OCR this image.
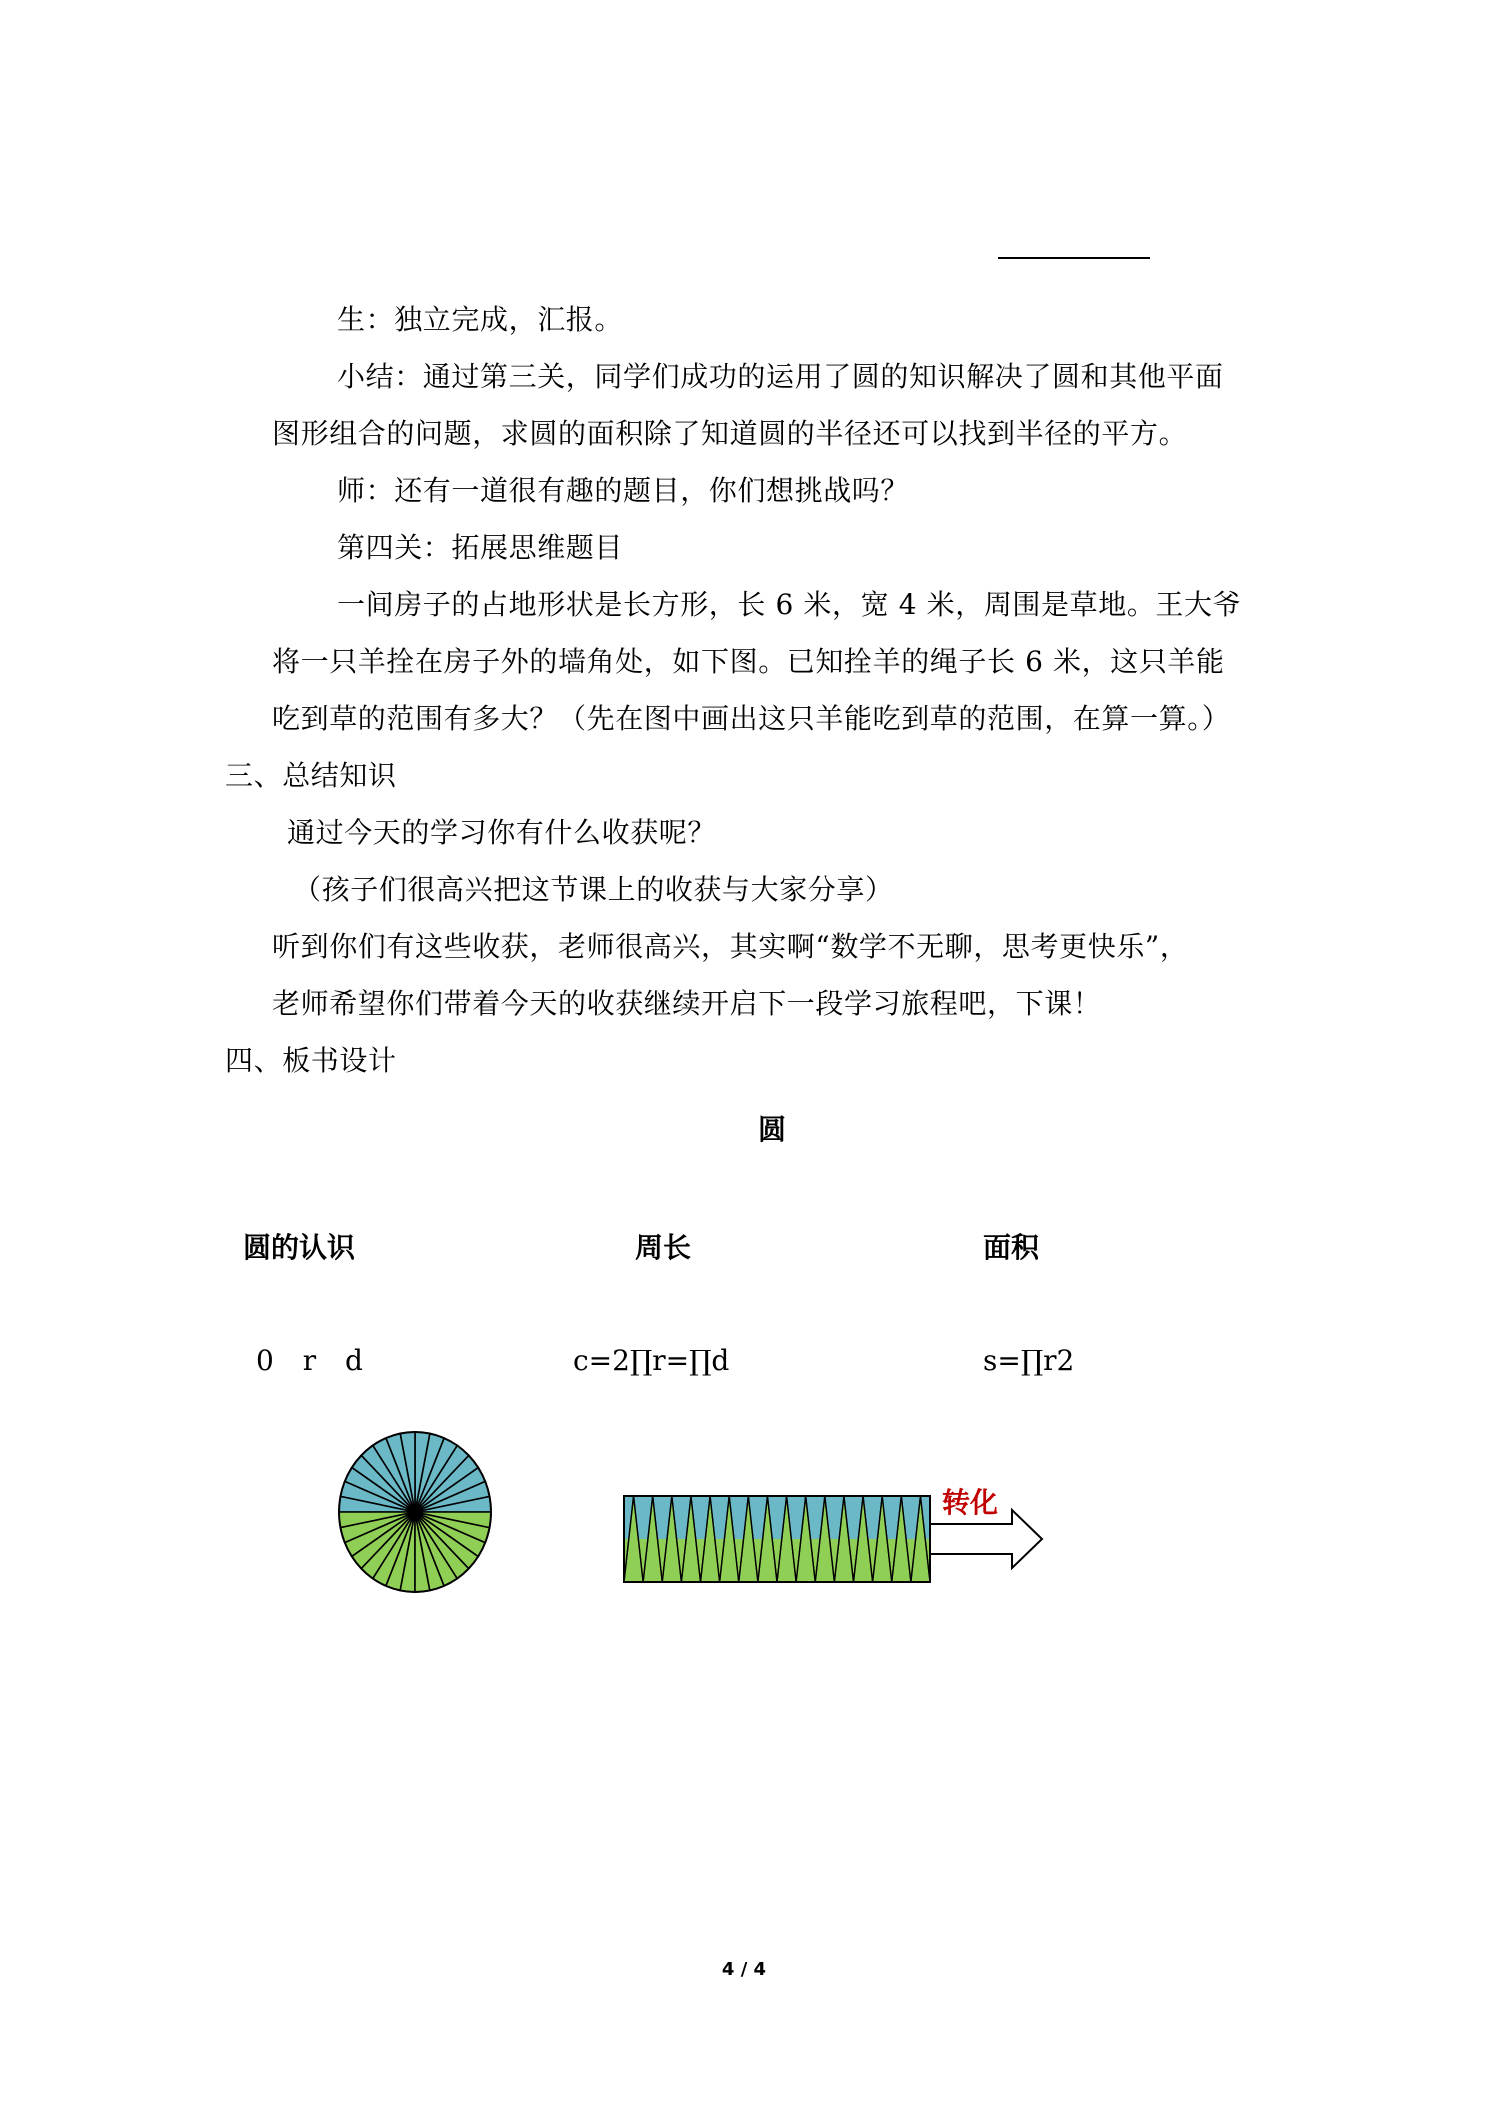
生：独立完成，汇报。
小结：通过第三关，同学们成功的运用了圆的知识解决了圆和其他平面
图形组合的问题，求圆的面积除了知道圆的半径还可以找到半径的平方。
师：还有一道很有趣的题目，你们想挑战吗？
第四关：拓展思维题目
一间房子的占地形状是长方形，长 6 米，宽 4 米，周围是草地。王大爷
将一只羊拴在房子外的墙角处，如下图。已知拴羊的绳子长 6 米，这只羊能
吃到草的范围有多大？（先在图中画出这只羊能吃到草的范围，在算一算。）
三、总结知识
通过今天的学习你有什么收获呢？
（孩子们很高兴把这节课上的收获与大家分享）
听到你们有这些收获，老师很高兴，其实啊“数学不无聊，思考更快乐”，
老师希望你们带着今天的收获继续开启下一段学习旅程吧，下课！
四、板书设计
圆
圆的认识	周长	面积
0 r d	c=2∏r=∏d	s=∏r2
转化
4 / 4
